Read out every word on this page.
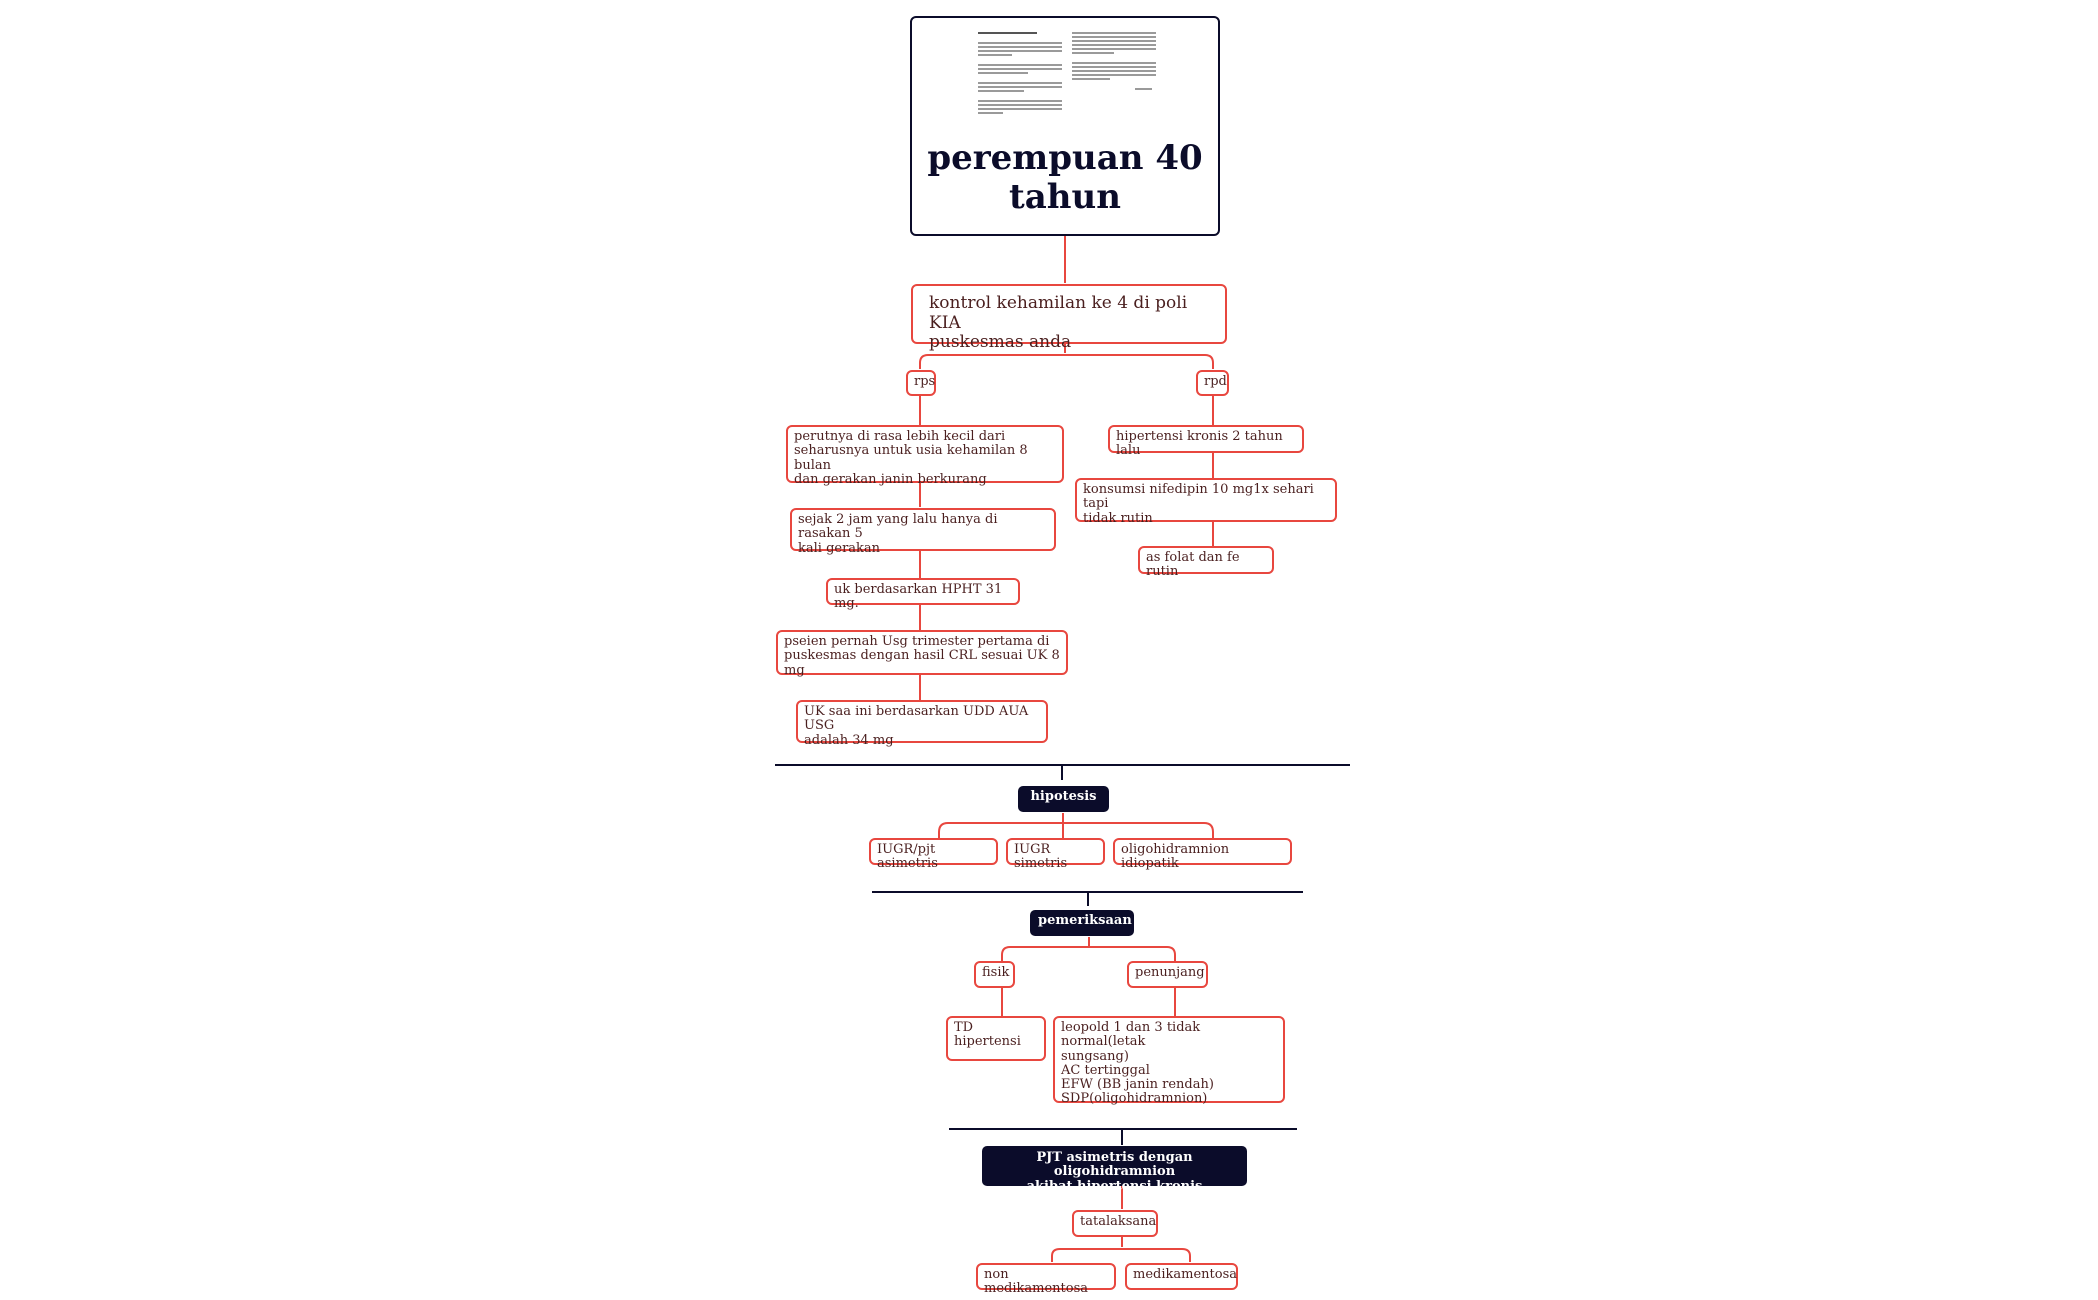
perempuan 40
tahun
kontrol kehamilan ke 4 di poli KIA
puskesmas anda
rps	rpd
perutnya di rasa lebih kecil dari
seharusnya untuk usia kehamilan 8 bulan
dan gerakan janin berkurang
sejak 2 jam yang lalu hanya di rasakan 5
kali gerakan
uk berdasarkan HPHT 31 mg.
pseien pernah Usg trimester pertama di
puskesmas dengan hasil CRL sesuai UK 8 mg
UK saa ini berdasarkan UDD AUA USG
adalah 34 mg
hipertensi kronis 2 tahun lalu
konsumsi nifedipin 10 mg1x sehari tapi
tidak rutin
as folat dan fe rutin
hipotesis
IUGR/pjt asimetris
IUGR simetris
oligohidramnion idiopatik
pemeriksaan
fisik	penunjang
TD hipertensi
leopold 1 dan 3 tidak normal(letak
sungsang)
AC tertinggal
EFW (BB janin rendah)
SDP(oligohidramnion)
PJT asimetris dengan oligohidramnion
akibat hipertensi kronis
tatalaksana
non medikamentosa
medikamentosa
